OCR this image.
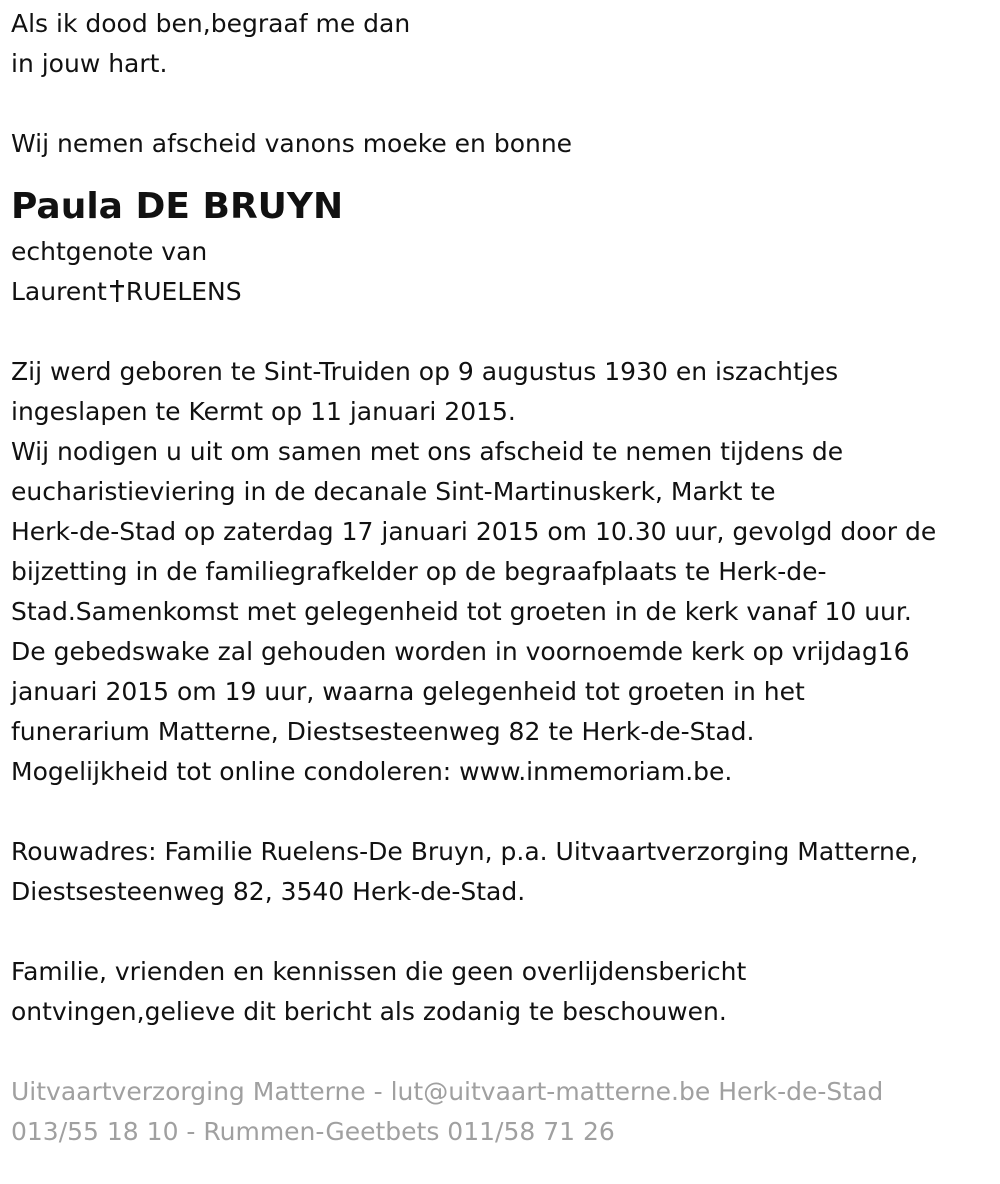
Als ik dood ben,begraaf me dan
in jouw hart.
Wij nemen afscheid vanons moeke en bonne
Paula DE BRUYN
echtgenote van
Laurent RUELENS
Zij werd geboren te Sint-Truiden op 9 augustus 1930 en iszachtjes
ingeslapen te Kermt op 11 januari 2015.
Wij nodigen u uit om samen met ons afscheid te nemen tijdens de
eucharistieviering in de decanale Sint-Martinuskerk, Markt te
Herk-de-Stad op zaterdag 17 januari 2015 om 10.30 uur, gevolgd door de
bijzetting in de familiegrafkelder op de begraafplaats te Herk-de-
Stad.Samenkomst met gelegenheid tot groeten in de kerk vanaf 10 uur.
De gebedswake zal gehouden worden in voornoemde kerk op vrijdag16
januari 2015 om 19 uur, waarna gelegenheid tot groeten in het
funerarium Matterne, Diestsesteenweg 82 te Herk-de-Stad.
Mogelijkheid tot online condoleren: www.inmemoriam.be.
Rouwadres: Familie Ruelens-De Bruyn, p.a. Uitvaartverzorging Matterne,
Diestsesteenweg 82, 3540 Herk-de-Stad.
Familie, vrienden en kennissen die geen overlijdensbericht
ontvingen,gelieve dit bericht als zodanig te beschouwen.
Uitvaartverzorging Matterne - lut@uitvaart-matterne.be Herk-de-Stad
013/55 18 10 - Rummen-Geetbets 011/58 71 26
